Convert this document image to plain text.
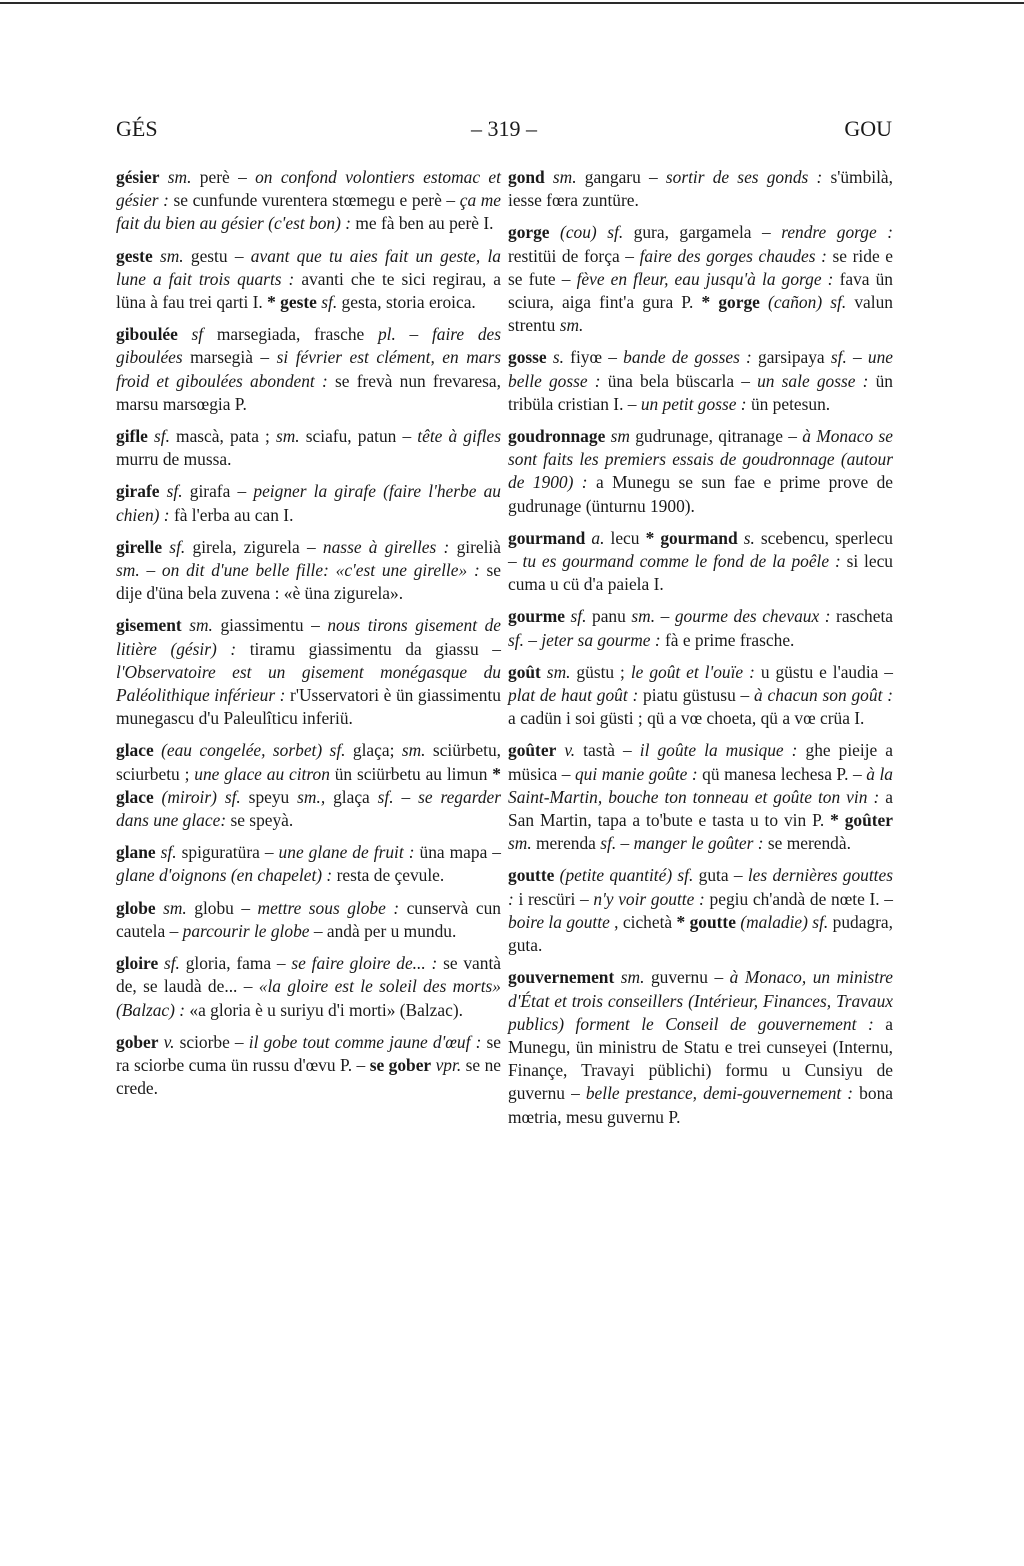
GÉS	– 319 –	GOU

gésier sm. perè – on confond volontiers estomac et gésier : se cunfunde vurentera stœmegu e perè – ça me fait du bien au gésier (c'est bon) : me fà ben au perè I.

geste sm. gestu – avant que tu aies fait un geste, la lune a fait trois quarts : avanti che te sici regirau, a lüna à fau trei qarti I. * geste sf. gesta, storia eroica.

giboulée sf marsegiada, frasche pl. – faire des giboulées marsegià – si février est clément, en mars froid et giboulées abondent : se frevà nun frevaresa, marsu marsœgia P.

gifle sf. mascà, pata ; sm. sciafu, patun – tête à gifles murru de mussa.

girafe sf. girafa – peigner la girafe (faire l'herbe au chien) : fà l'erba au can I.

girelle sf. girela, zigurela – nasse à girelles : girelià sm. – on dit d'une belle fille: «c'est une girelle» : se dije d'üna bela zuvena : «è üna zigurela».

gisement sm. giassimentu – nous tirons gisement de litière (gésir) : tiramu giassimentu da giassu – l'Observatoire est un gisement monégasque du Paléolithique inférieur : r'Usservatori è ün giassimentu munegascu d'u Paleulîticu inferiü.

glace (eau congelée, sorbet) sf. glaça; sm. sciürbetu, sciurbetu ; une glace au citron ün sciürbetu au limun * glace (miroir) sf. speyu sm., glaça sf. – se regarder dans une glace: se speyà.

glane sf. spiguratüra – une glane de fruit : üna mapa – glane d'oignons (en chapelet) : resta de çevule.

globe sm. globu – mettre sous globe : cunservà cun cautela – parcourir le globe – andà per u mundu.

gloire sf. gloria, fama – se faire gloire de... : se vantà de, se laudà de... – «la gloire est le soleil des morts» (Balzac) : «a gloria è u suriyu d'i morti» (Balzac).

gober v. sciorbe – il gobe tout comme jaune d'œuf : se ra sciorbe cuma ün russu d'œvu P. – se gober vpr. se ne crede.

gond sm. gangaru – sortir de ses gonds : s'ümbilà, iesse fœra zuntüre.

gorge (cou) sf. gura, gargamela – rendre gorge : restitüi de força – faire des gorges chaudes : se ride e se fute – fève en fleur, eau jusqu'à la gorge : fava ün sciura, aiga fint'a gura P. * gorge (cañon) sf. valun strentu sm.

gosse s. fiyœ – bande de gosses : garsipaya sf. – une belle gosse : üna bela büscarla – un sale gosse : ün tribüla cristian I. – un petit gosse : ün petesun.

goudronnage sm gudrunage, qitranage – à Monaco se sont faits les premiers essais de goudronnage (autour de 1900) : a Munegu se sun fae e prime prove de gudrunage (ünturnu 1900).

gourmand a. lecu * gourmand s. scebencu, sperlecu – tu es gourmand comme le fond de la poêle : si lecu cuma u cü d'a paiela I.

gourme sf. panu sm. – gourme des chevaux : rascheta sf. – jeter sa gourme : fà e prime frasche.

goût sm. güstu ; le goût et l'ouïe : u güstu e l'audia – plat de haut goût : piatu güstusu – à chacun son goût : a cadün i soi güsti ; qü a vœ choeta, qü a vœ crüa I.

goûter v. tastà – il goûte la musique : ghe pieije a müsica – qui manie goûte : qü manesa lechesa P. – à la Saint-Martin, bouche ton tonneau et goûte ton vin : a San Martin, tapa a to'bute e tasta u to vin P. * goûter sm. merenda sf. – manger le goûter : se merendà.

goutte (petite quantité) sf. guta – les dernières gouttes : i rescüri – n'y voir goutte : pegiu ch'andà de nœte I. – boire la goutte , cichetà * goutte (maladie) sf. pudagra, guta.

gouvernement sm. guvernu – à Monaco, un ministre d'État et trois conseillers (Intérieur, Finances, Travaux publics) forment le Conseil de gouvernement : a Munegu, ün ministru de Statu e trei cunseyei (Internu, Finançe, Travayi püblichi) formu u Cunsiyu de guvernu – belle prestance, demi-gouvernement : bona mœtria, mesu guvernu P.
